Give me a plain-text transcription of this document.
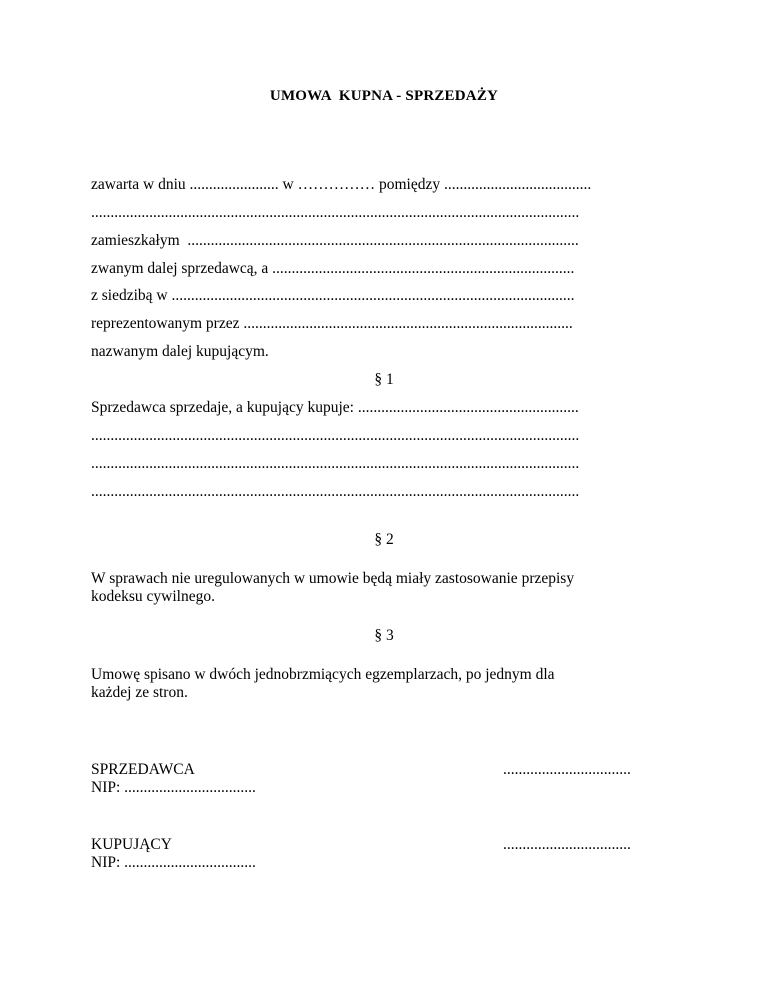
UMOWA  KUPNA - SPRZEDAŻY
zawarta w dniu ....................... w …………… pomiędzy ......................................
..............................................................................................................................
zamieszkałym  .....................................................................................................
zwanym dalej sprzedawcą, a ..............................................................................
z siedzibą w ........................................................................................................
reprezentowanym przez .....................................................................................
nazwanym dalej kupującym.
§ 1
Sprzedawca sprzedaje, a kupujący kupuje: .........................................................
..............................................................................................................................
..............................................................................................................................
..............................................................................................................................
§ 2
W sprawach nie uregulowanych w umowie będą miały zastosowanie przepisy
kodeksu cywilnego.
§ 3
Umowę spisano w dwóch jednobrzmiących egzemplarzach, po jednym dla
każdej ze stron.
SPRZEDAWCA
NIP: ..................................
.................................
KUPUJĄCY
NIP: ..................................
.................................
